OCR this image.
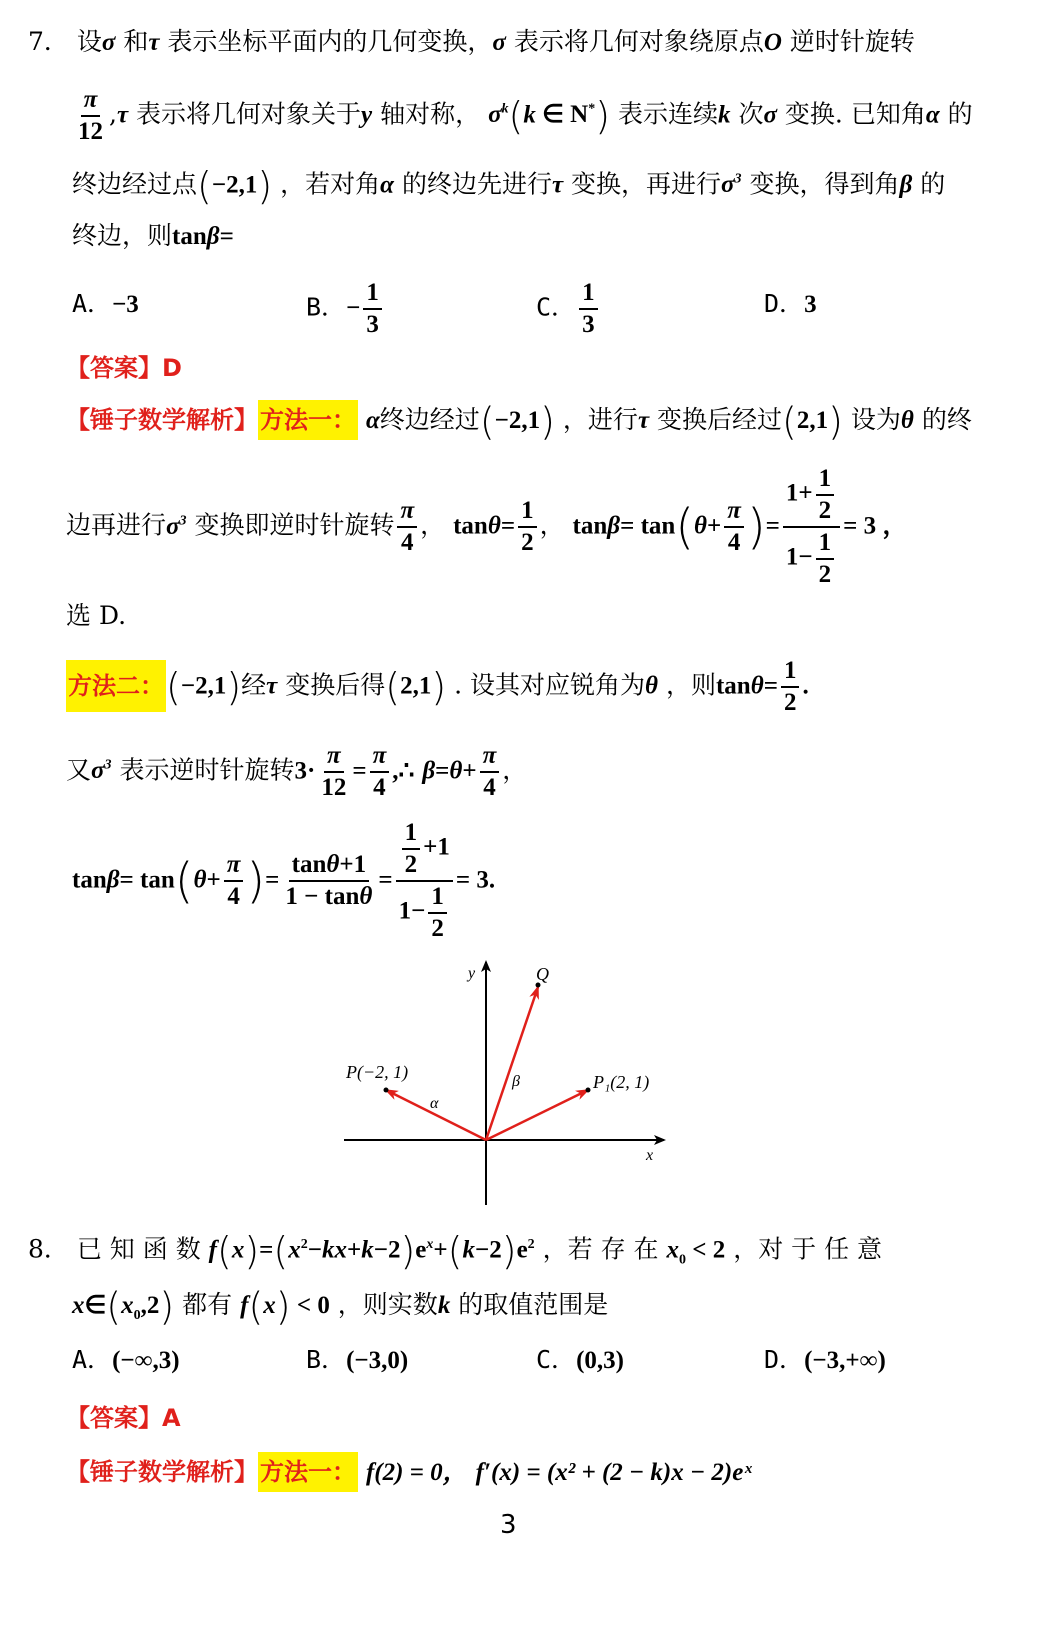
7． 设σ 和τ 表示坐标平面内的几何变换，σ 表示将几何对象绕原点O 逆时针旋转
$\frac{\pi}{12} ,\tau$ 表示将几何对象关于y 轴对称， $\sigma^k(k$ ∈ N*) 表示连续k 次σ 变换. 已知角α 的
终边经过点(−2,1) ，若对角α 的终边先进行τ 变换，再进行$\sigma^3$ 变换，得到角β 的
终边，则tanβ=
A．−3	B．− $\frac{1}{3}$	C． $\frac{1}{3}$	D．3
【答案】D
【锤子数学解析】方法一： α终边经过(−2,1) ，进行τ 变换后经过(2,1) 设为θ 的终
边再进行$\sigma^3$ 变换即逆时针旋转 $\frac{\pi}{4}$ ， $\tan\theta= \frac{1}{2}$ ， $\tan\beta= \tan(\theta+ \frac{\pi}{4}$ )= $\frac{1+ \frac{1}{2}}{1- \frac{1}{2}} = 3$ ，
选 D.
方法二：(−2,1)经τ 变换后得(2,1) . 设其对应锐角为θ ，则$\tan\theta= \frac{1}{2}$ .
又$\sigma^3$ 表示逆时针旋转$3\cdot \frac{\pi}{12} = \frac{\pi}{4}$ ,∴ $\beta=\theta+ \frac{\pi}{4}$ ，
$\tan\beta= \tan(\theta+ \frac{\pi}{4}$ )= $\frac{\tan\theta+1}{1 - \tan\theta} = \frac{\frac{1}{2} +1}{1- \frac{1}{2}} = 3$.
y
x
Q
P(−2, 1)	P₁(2, 1)
α
β
8． 已 知 函 数 $f(x)=(x^2-kx+k-2)e^x+(k-2)e^2$ ，若 存 在 $x_0 < 2$ ，对 于 任 意
$x\in(x_0,2)$ 都有 f(x) < 0 ，则实数k 的取值范围是
A．(−∞,3)	B．(−3,0)	C．(0,3)	D．(−3,+∞)
【答案】A
【锤子数学解析】方法一： f(2) = 0， f′(x) = (x² + (2 − k)x − 2)eˣ
3
